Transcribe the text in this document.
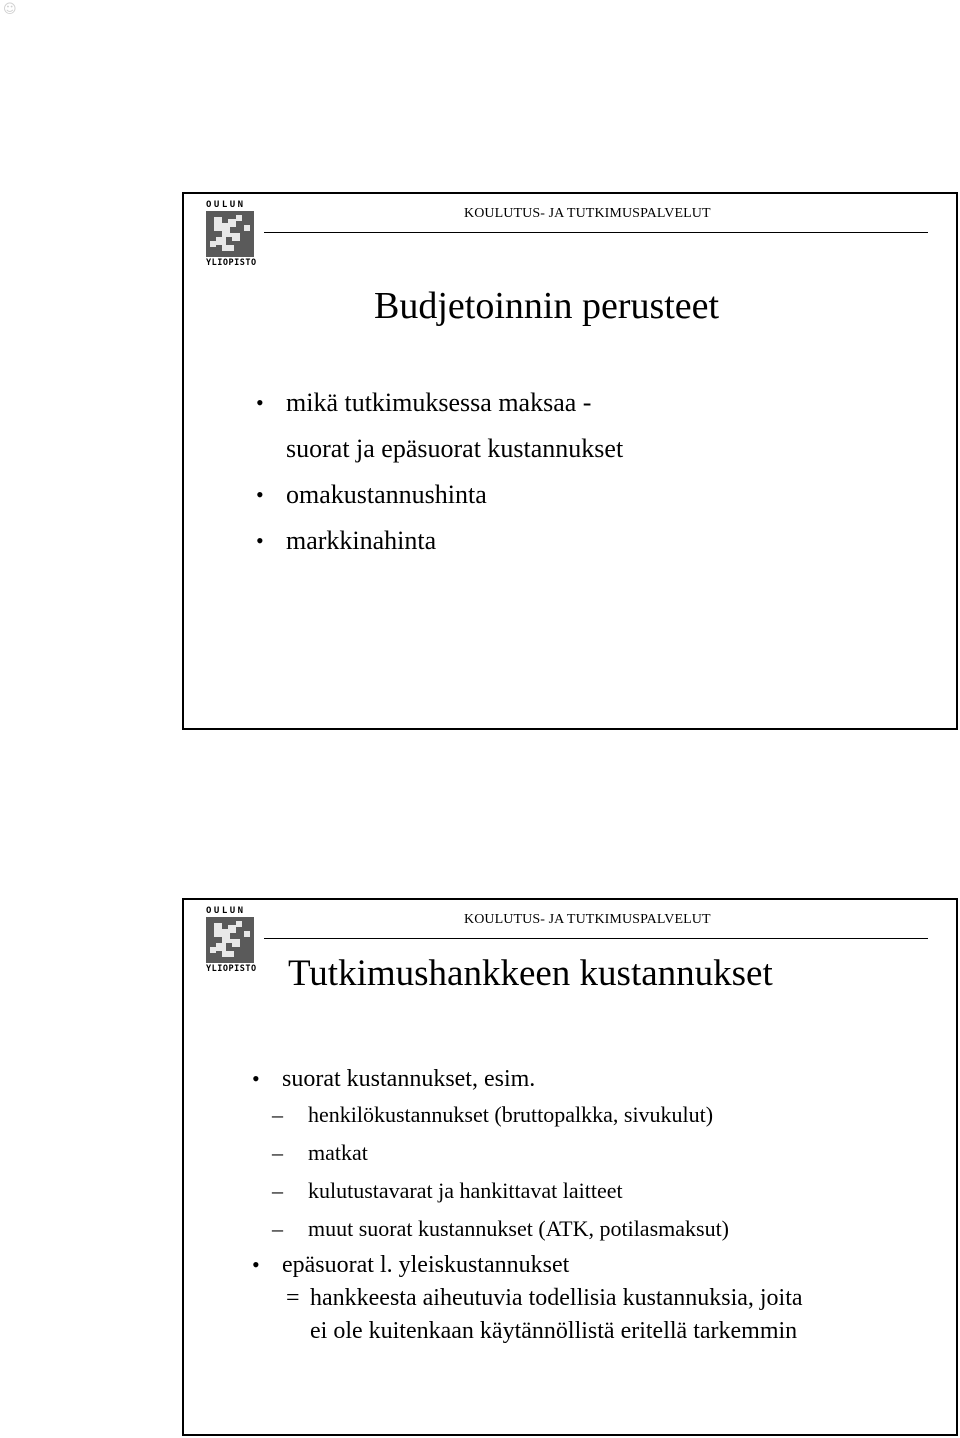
☺
OULUN
YLIOPISTO
KOULUTUS- JA TUTKIMUSPALVELUT
Budjetoinnin perusteet
• mikä tutkimuksessa maksaa -
suorat ja epäsuorat kustannukset
• omakustannushinta
• markkinahinta
OULUN
YLIOPISTO
KOULUTUS- JA TUTKIMUSPALVELUT
Tutkimushankkeen kustannukset
• suorat kustannukset, esim.
– henkilökustannukset (bruttopalkka, sivukulut)
– matkat
– kulutustavarat ja hankittavat laitteet
– muut suorat kustannukset (ATK, potilasmaksut)
• epäsuorat l. yleiskustannukset
= hankkeesta aiheutuvia todellisia kustannuksia, joita
ei ole kuitenkaan käytännöllistä eritellä tarkemmin
